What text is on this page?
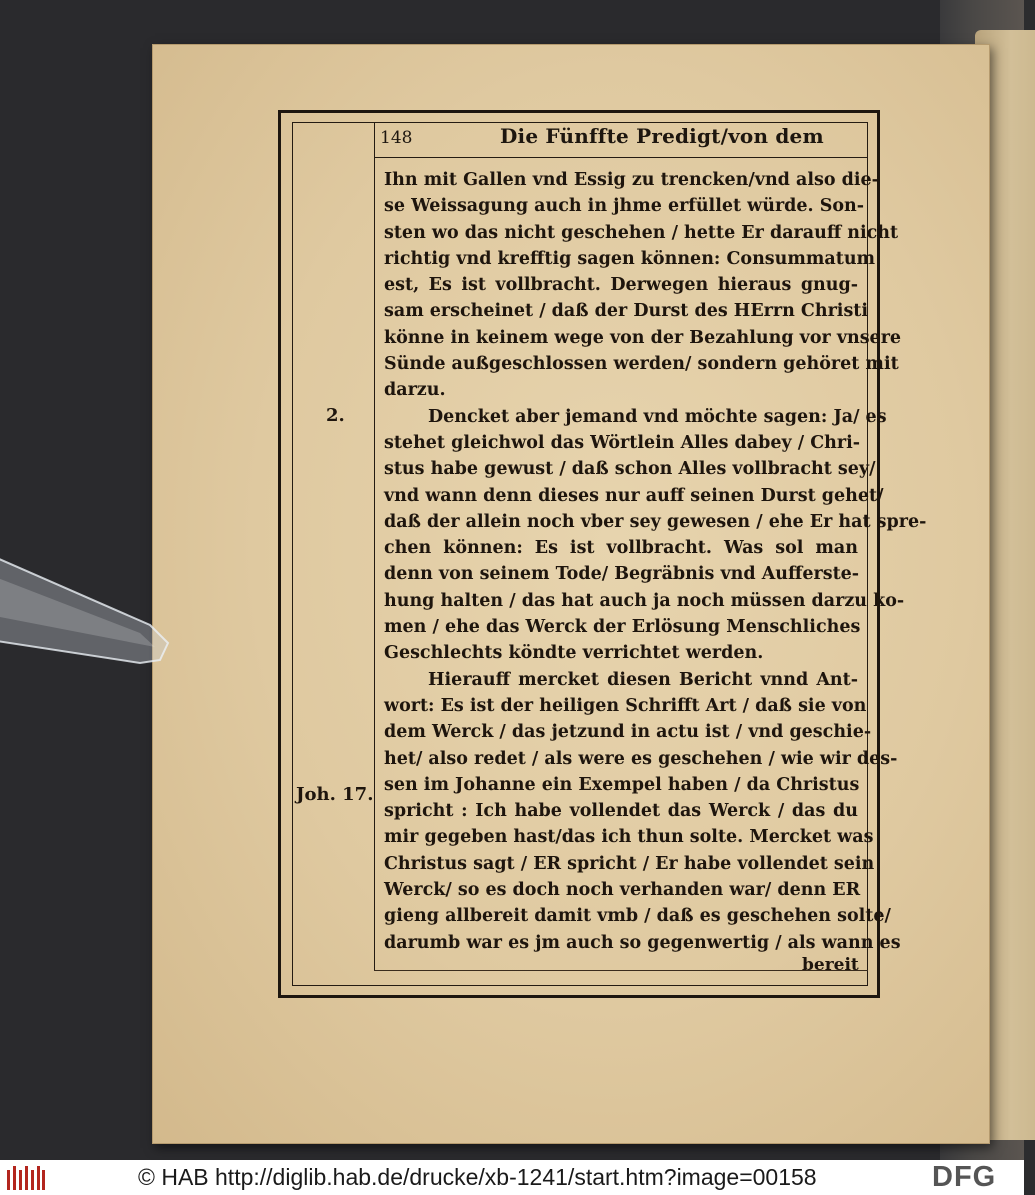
148	Die Fünffte Predigt/von dem
2.
Joh. 17.
Ihn mit Gallen vnd Essig zu trencken/vnd also die-
se Weissagung auch in jhme erfüllet würde. Son-
sten wo das nicht geschehen / hette Er darauff nicht
richtig vnd krefftig sagen können: Consummatum
est, Es ist vollbracht. Derwegen hieraus gnug-
sam erscheinet / daß der Durst des HErrn Christi
könne in keinem wege von der Bezahlung vor vnsere
Sünde außgeschlossen werden/ sondern gehöret mit
darzu.
Dencket aber jemand vnd möchte sagen: Ja/ es
stehet gleichwol das Wörtlein Alles dabey / Chri-
stus habe gewust / daß schon Alles vollbracht sey/
vnd wann denn dieses nur auff seinen Durst gehet/
daß der allein noch vber sey gewesen / ehe Er hat spre-
chen können: Es ist vollbracht. Was sol man
denn von seinem Tode/ Begräbnis vnd Aufferste-
hung halten / das hat auch ja noch müssen darzu ko-
men / ehe das Werck der Erlösung Menschliches
Geschlechts köndte verrichtet werden.
Hierauff mercket diesen Bericht vnnd Ant-
wort: Es ist der heiligen Schrifft Art / daß sie von
dem Werck / das jetzund in actu ist / vnd geschie-
het/ also redet / als were es geschehen / wie wir des-
sen im Johanne ein Exempel haben / da Christus
spricht : Ich habe vollendet das Werck / das du
mir gegeben hast/das ich thun solte. Mercket was
Christus sagt / ER spricht / Er habe vollendet sein
Werck/ so es doch noch verhanden war/ denn ER
gieng allbereit damit vmb / daß es geschehen solte/
darumb war es jm auch so gegenwertig / als wann es
bereit
© HAB http://diglib.hab.de/drucke/xb-1241/start.htm?image=00158	DFG
